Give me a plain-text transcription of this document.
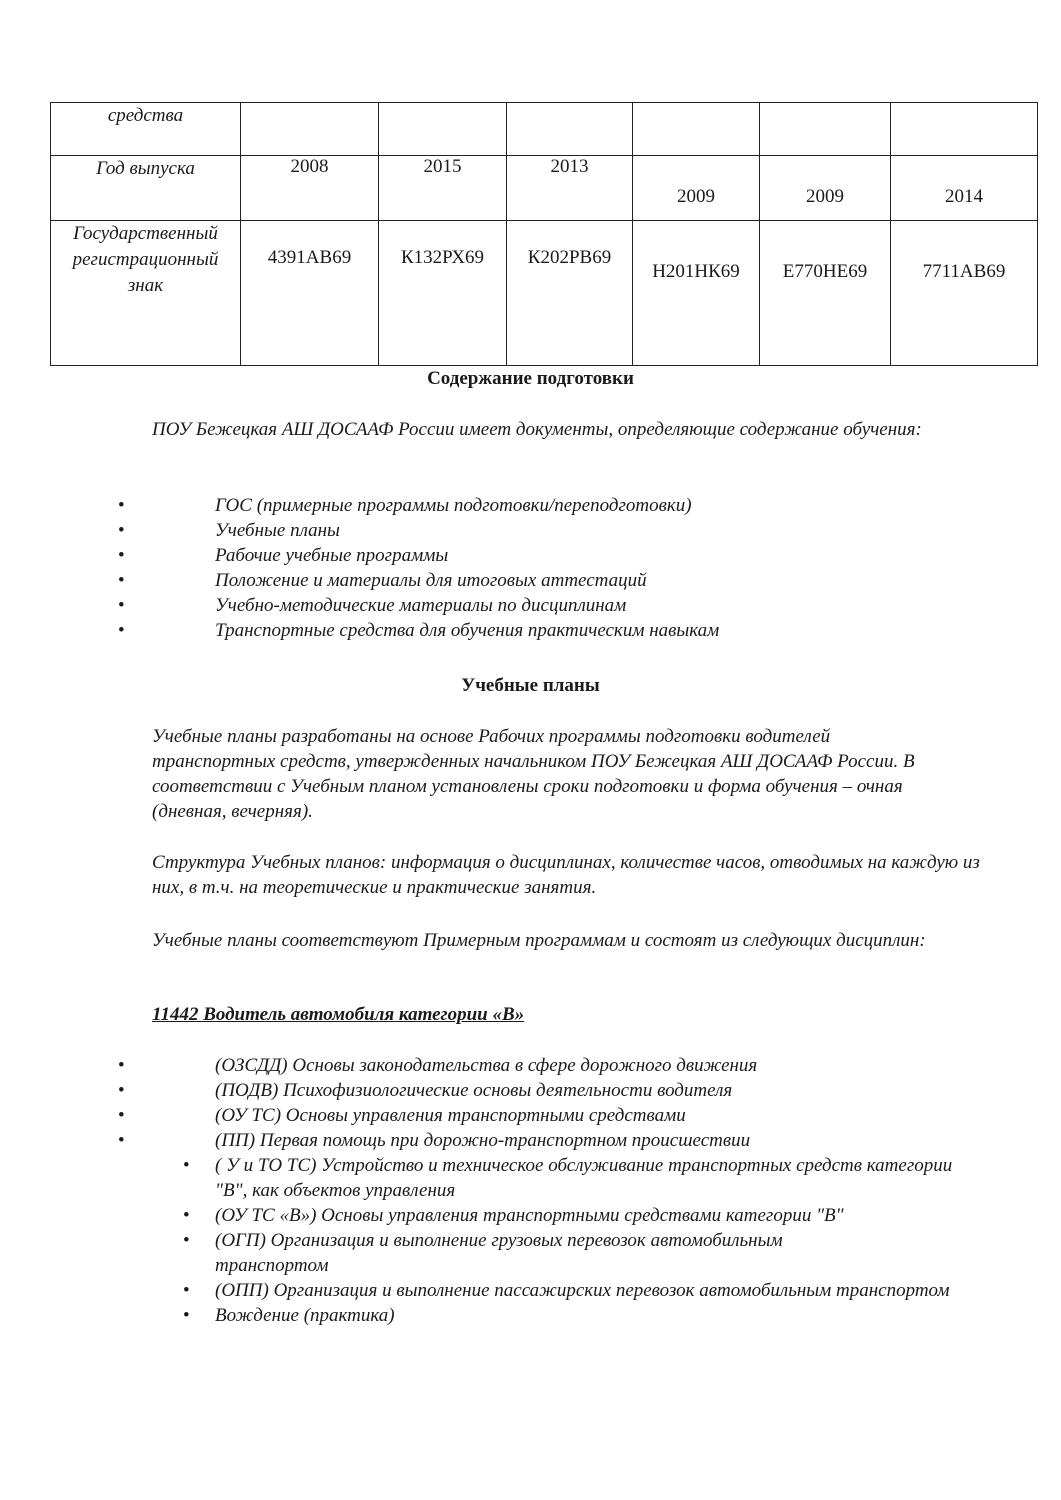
средства						
Год выпуска	2008	2015	2013	2009	2009	2014

Государственный
регистрационный
знак	4391АВ69	К132РХ69	К202РВ69	Н201НК69	Е770НЕ69	7711АВ69
Содержание подготовки

ПОУ Бежецкая АШ ДОСААФ России имеет документы, определяющие содержание обучения:

• ГОС (примерные программы подготовки/переподготовки)
• Учебные планы
• Рабочие учебные программы
• Положение и материалы для итоговых аттестаций
• Учебно-методические материалы по дисциплинам
• Транспортные средства для обучения практическим навыкам
Учебные планы

Учебные планы разработаны на основе Рабочих программы подготовки водителей транспортных средств, утвержденных начальником ПОУ Бежецкая АШ ДОСААФ России. В соответствии с Учебным планом установлены сроки подготовки и форма обучения – очная (дневная, вечерняя).

Структура Учебных планов: информация о дисциплинах, количестве часов, отводимых на каждую из них, в т.ч. на теоретические и практические занятия.

Учебные планы соответствуют Примерным программам и состоят из следующих дисциплин:

11442 Водитель автомобиля категории «В»

• (ОЗСДД) Основы законодательства в сфере дорожного движения
• (ПОДВ) Психофизиологические основы деятельности водителя
• (ОУ ТС) Основы управления транспортными средствами
• (ПП) Первая помощь при дорожно-транспортном происшествии
• ( У и ТО ТС) Устройство и техническое обслуживание транспортных средств категории "В", как объектов управления
• (ОУ ТС «В») Основы управления транспортными средствами категории "В"
• (ОГП) Организация и выполнение грузовых перевозок автомобильным транспортом
• (ОПП) Организация и выполнение пассажирских перевозок автомобильным транспортом
• Вождение (практика)
